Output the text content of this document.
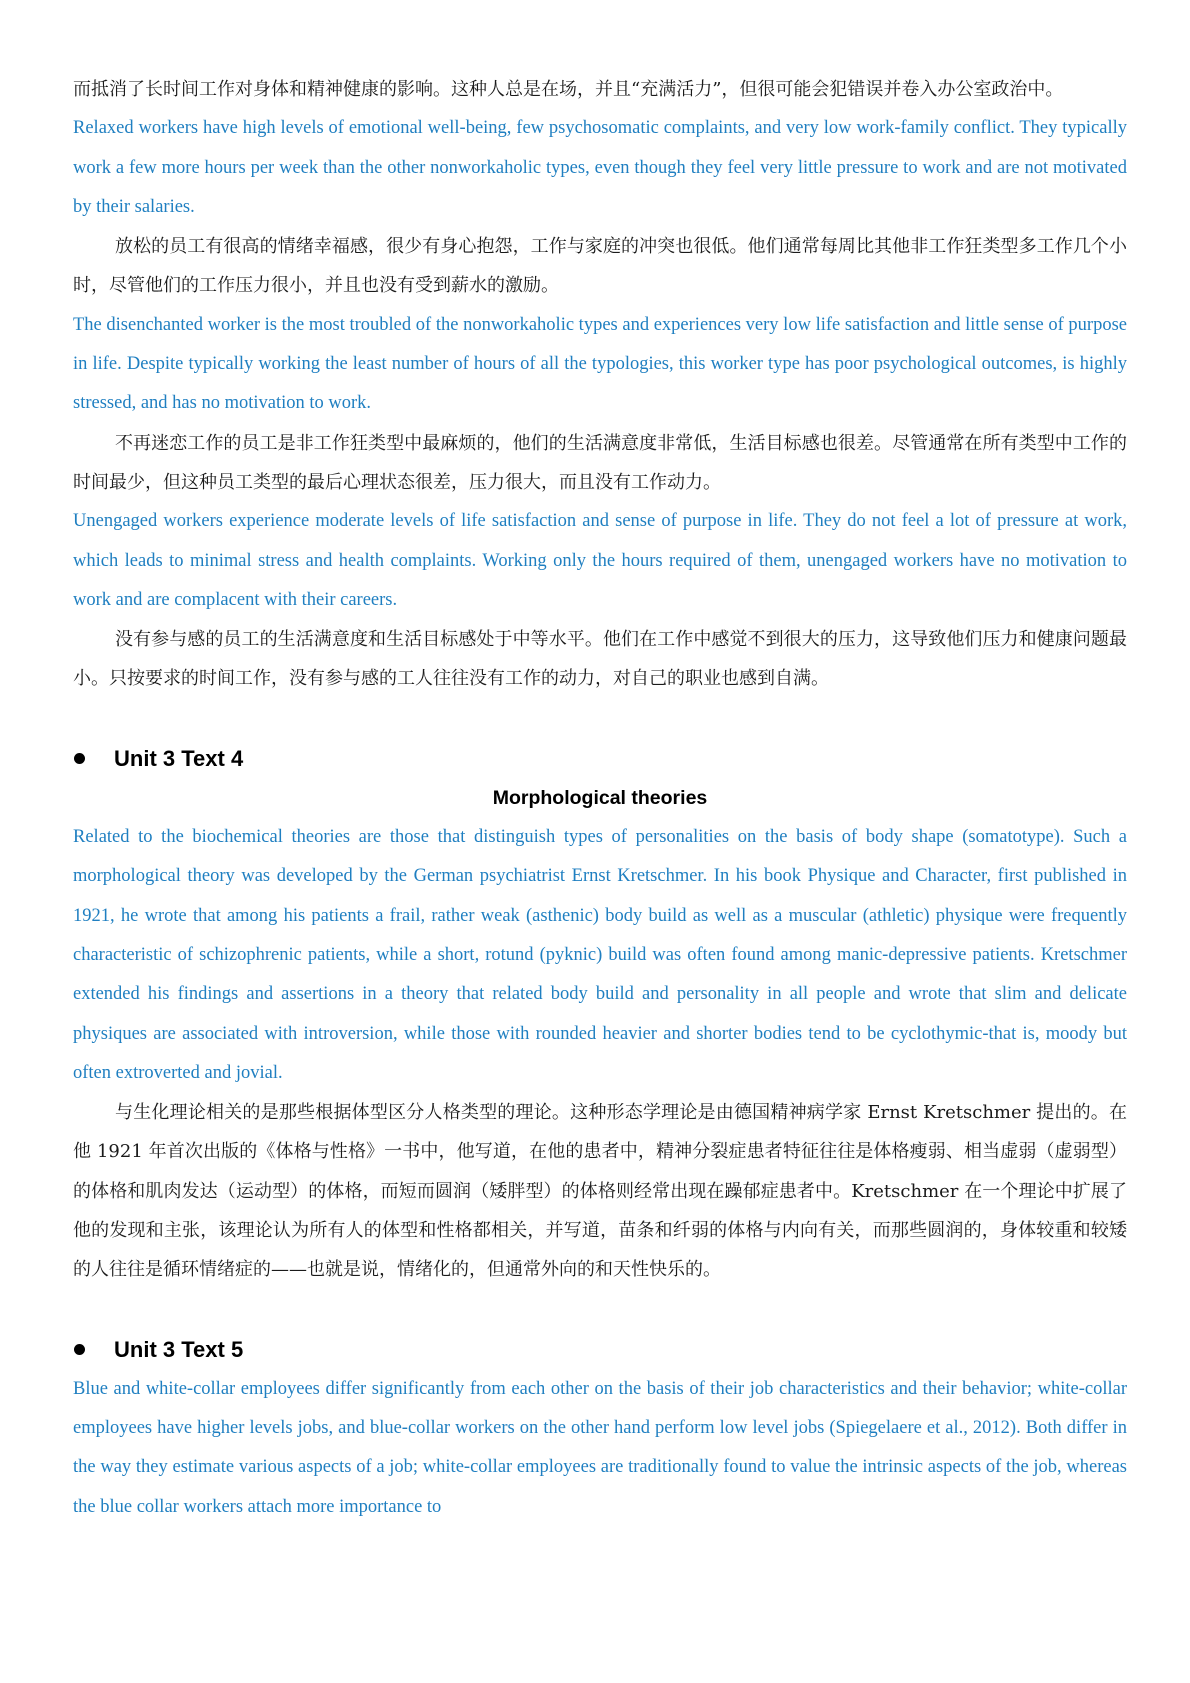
而抵消了长时间工作对身体和精神健康的影响。这种人总是在场，并且“充满活力”，但很可能会犯错误并卷入办公室政治中。

Relaxed workers have high levels of emotional well-being, few psychosomatic complaints, and very low work-family conflict. They typically work a few more hours per week than the other nonworkaholic types, even though they feel very little pressure to work and are not motivated by their salaries.

放松的员工有很高的情绪幸福感，很少有身心抱怨，工作与家庭的冲突也很低。他们通常每周比其他非工作狂类型多工作几个小时，尽管他们的工作压力很小，并且也没有受到薪水的激励。

The disenchanted worker is the most troubled of the nonworkaholic types and experiences very low life satisfaction and little sense of purpose in life. Despite typically working the least number of hours of all the typologies, this worker type has poor psychological outcomes, is highly stressed, and has no motivation to work.

不再迷恋工作的员工是非工作狂类型中最麻烦的，他们的生活满意度非常低，生活目标感也很差。尽管通常在所有类型中工作的时间最少，但这种员工类型的最后心理状态很差，压力很大，而且没有工作动力。

Unengaged workers experience moderate levels of life satisfaction and sense of purpose in life. They do not feel a lot of pressure at work, which leads to minimal stress and health complaints. Working only the hours required of them, unengaged workers have no motivation to work and are complacent with their careers.

没有参与感的员工的生活满意度和生活目标感处于中等水平。他们在工作中感觉不到很大的压力，这导致他们压力和健康问题最小。只按要求的时间工作，没有参与感的工人往往没有工作的动力，对自己的职业也感到自满。

Unit 3 Text 4

Morphological theories

Related to the biochemical theories are those that distinguish types of personalities on the basis of body shape (somatotype). Such a morphological theory was developed by the German psychiatrist Ernst Kretschmer. In his book Physique and Character, first published in 1921, he wrote that among his patients a frail, rather weak (asthenic) body build as well as a muscular (athletic) physique were frequently characteristic of schizophrenic patients, while a short, rotund (pyknic) build was often found among manic-depressive patients. Kretschmer extended his findings and assertions in a theory that related body build and personality in all people and wrote that slim and delicate physiques are associated with introversion, while those with rounded heavier and shorter bodies tend to be cyclothymic-that is, moody but often extroverted and jovial.

与生化理论相关的是那些根据体型区分人格类型的理论。这种形态学理论是由德国精神病学家 Ernst Kretschmer 提出的。在他 1921 年首次出版的《体格与性格》一书中，他写道，在他的患者中，精神分裂症患者特征往往是体格瘦弱、相当虚弱（虚弱型）的体格和肌肉发达（运动型）的体格，而短而圆润（矮胖型）的体格则经常出现在躁郁症患者中。Kretschmer 在一个理论中扩展了他的发现和主张，该理论认为所有人的体型和性格都相关，并写道，苗条和纤弱的体格与内向有关，而那些圆润的，身体较重和较矮的人往往是循环情绪症的——也就是说，情绪化的，但通常外向的和天性快乐的。

Unit 3 Text 5

Blue and white-collar employees differ significantly from each other on the basis of their job characteristics and their behavior; white-collar employees have higher levels jobs, and blue-collar workers on the other hand perform low level jobs (Spiegelaere et al., 2012). Both differ in the way they estimate various aspects of a job; white-collar employees are traditionally found to value the intrinsic aspects of the job, whereas the blue collar workers attach more importance to
